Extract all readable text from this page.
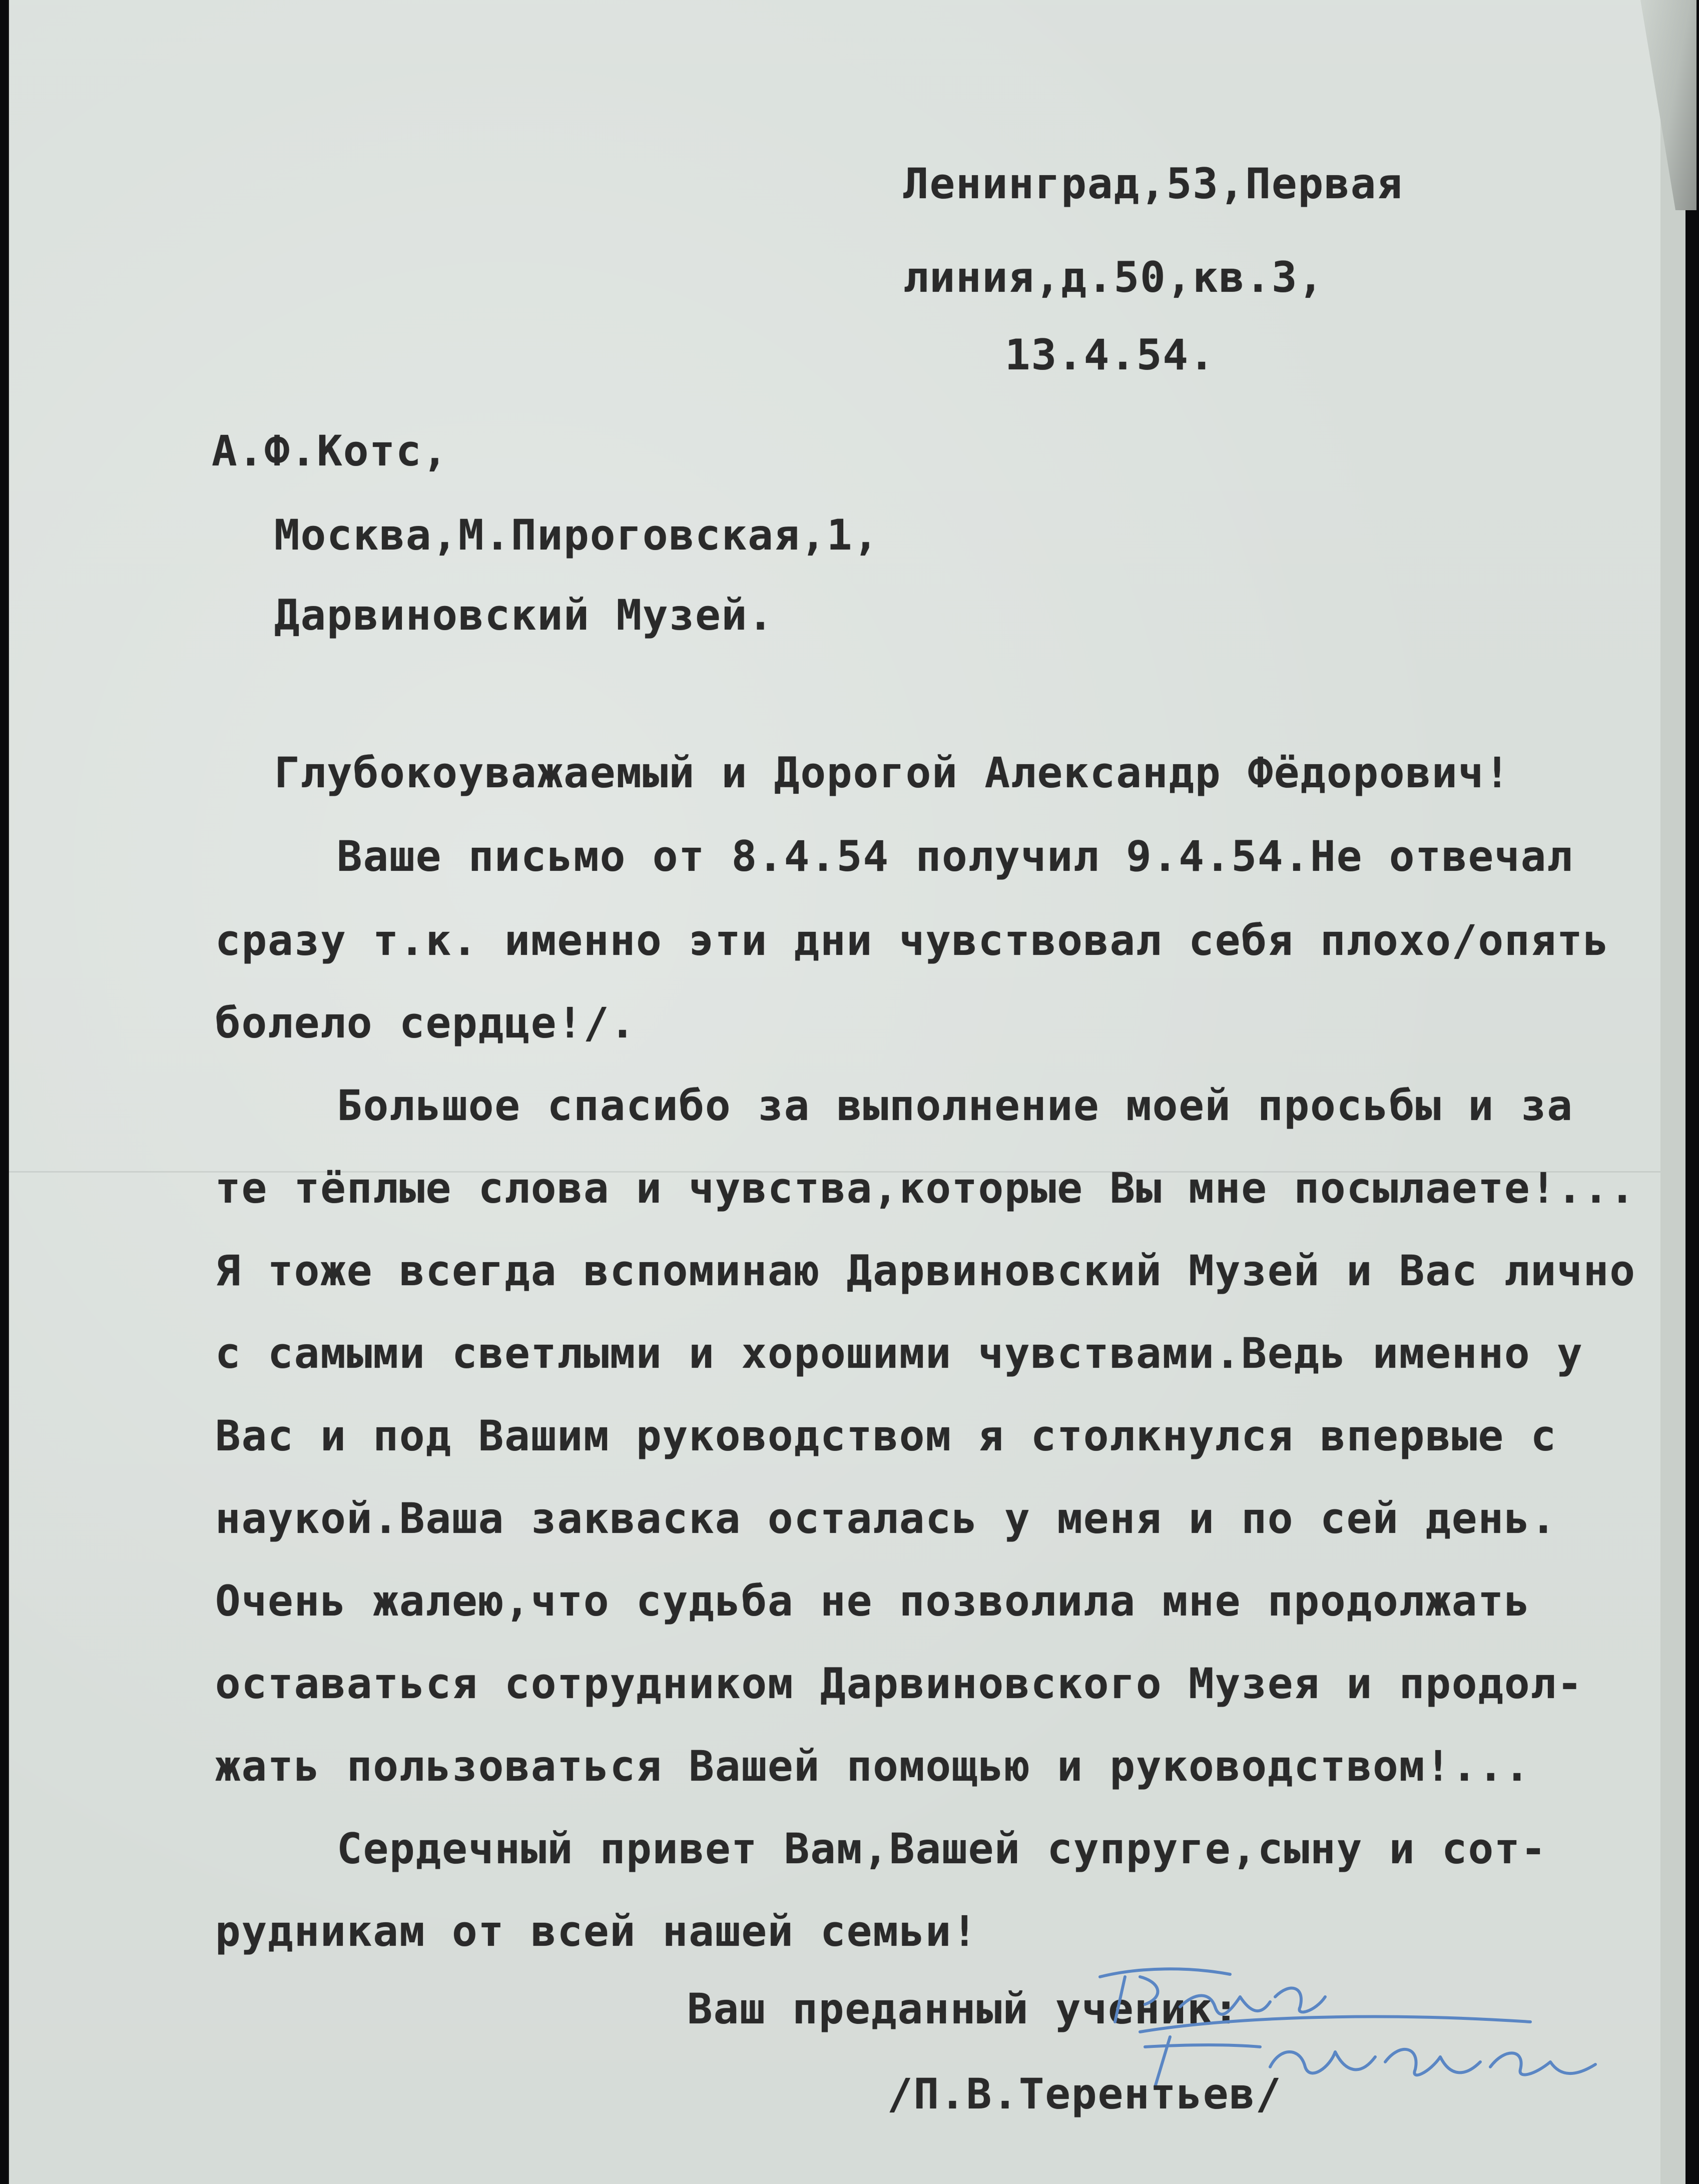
Ленинград,53,Первая

линия,д.50,кв.3,

13.4.54.

А.Ф.Котс,

Москва,М.Пироговская,1,

Дарвиновский Музей.

Глубокоуважаемый и Дорогой Александр Фёдорович!

Ваше письмо от 8.4.54 получил 9.4.54.Не отвечал

сразу т.к. именно эти дни чувствовал себя плохо/опять

болело сердце!/.

Большое спасибо за выполнение моей просьбы и за

те тёплые слова и чувства,которые Вы мне посылаете!...

Я тоже всегда вспоминаю Дарвиновский Музей и Вас лично

с самыми светлыми и хорошими чувствами.Ведь именно у

Вас и под Вашим руководством я столкнулся впервые с

наукой.Ваша закваска осталась у меня и по сей день.

Очень жалею,что судьба не позволила мне продолжать

оставаться сотрудником Дарвиновского Музея и продол-

жать пользоваться Вашей помощью и руководством!...

Сердечный привет Вам,Вашей супруге,сыну и сот-

рудникам от всей нашей семьи!

Ваш преданный ученик:

/П.В.Терентьев/
